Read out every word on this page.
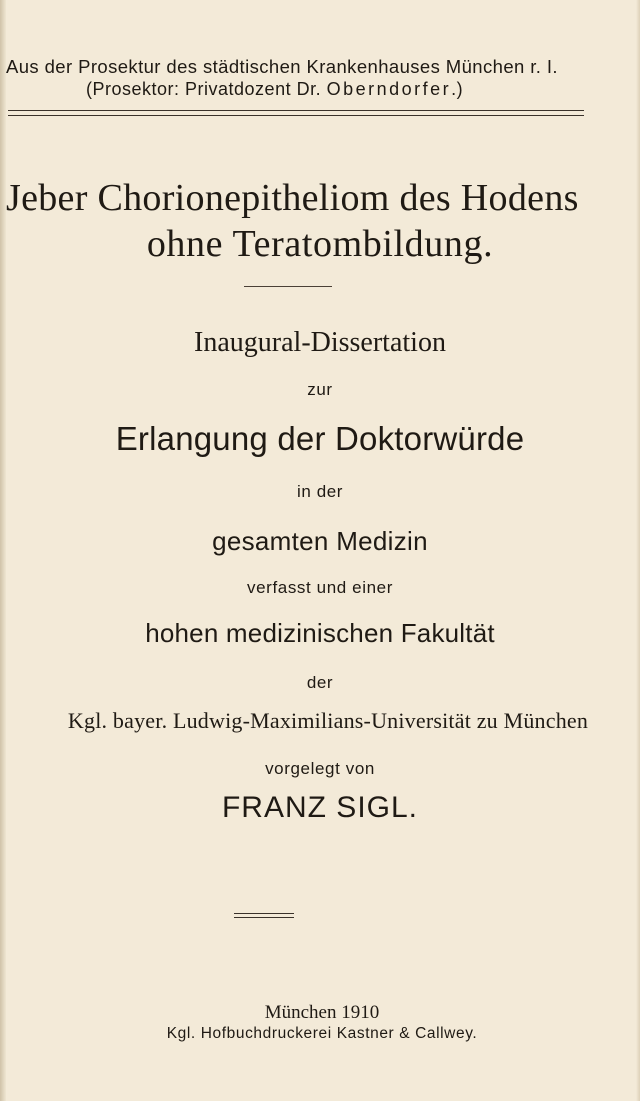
Aus der Prosektur des städtischen Krankenhauses München r. I.
(Prosektor: Privatdozent Dr. Oberndorfer.)
Jeber Chorionepitheliom des Hodens
ohne Teratombildung.
Inaugural-Dissertation
zur
Erlangung der Doktorwürde
in der
gesamten Medizin
verfasst und einer
hohen medizinischen Fakultät
der
Kgl. bayer. Ludwig-Maximilians-Universität zu München
vorgelegt von
FRANZ SIGL.
München 1910
Kgl. Hofbuchdruckerei Kastner & Callwey.
